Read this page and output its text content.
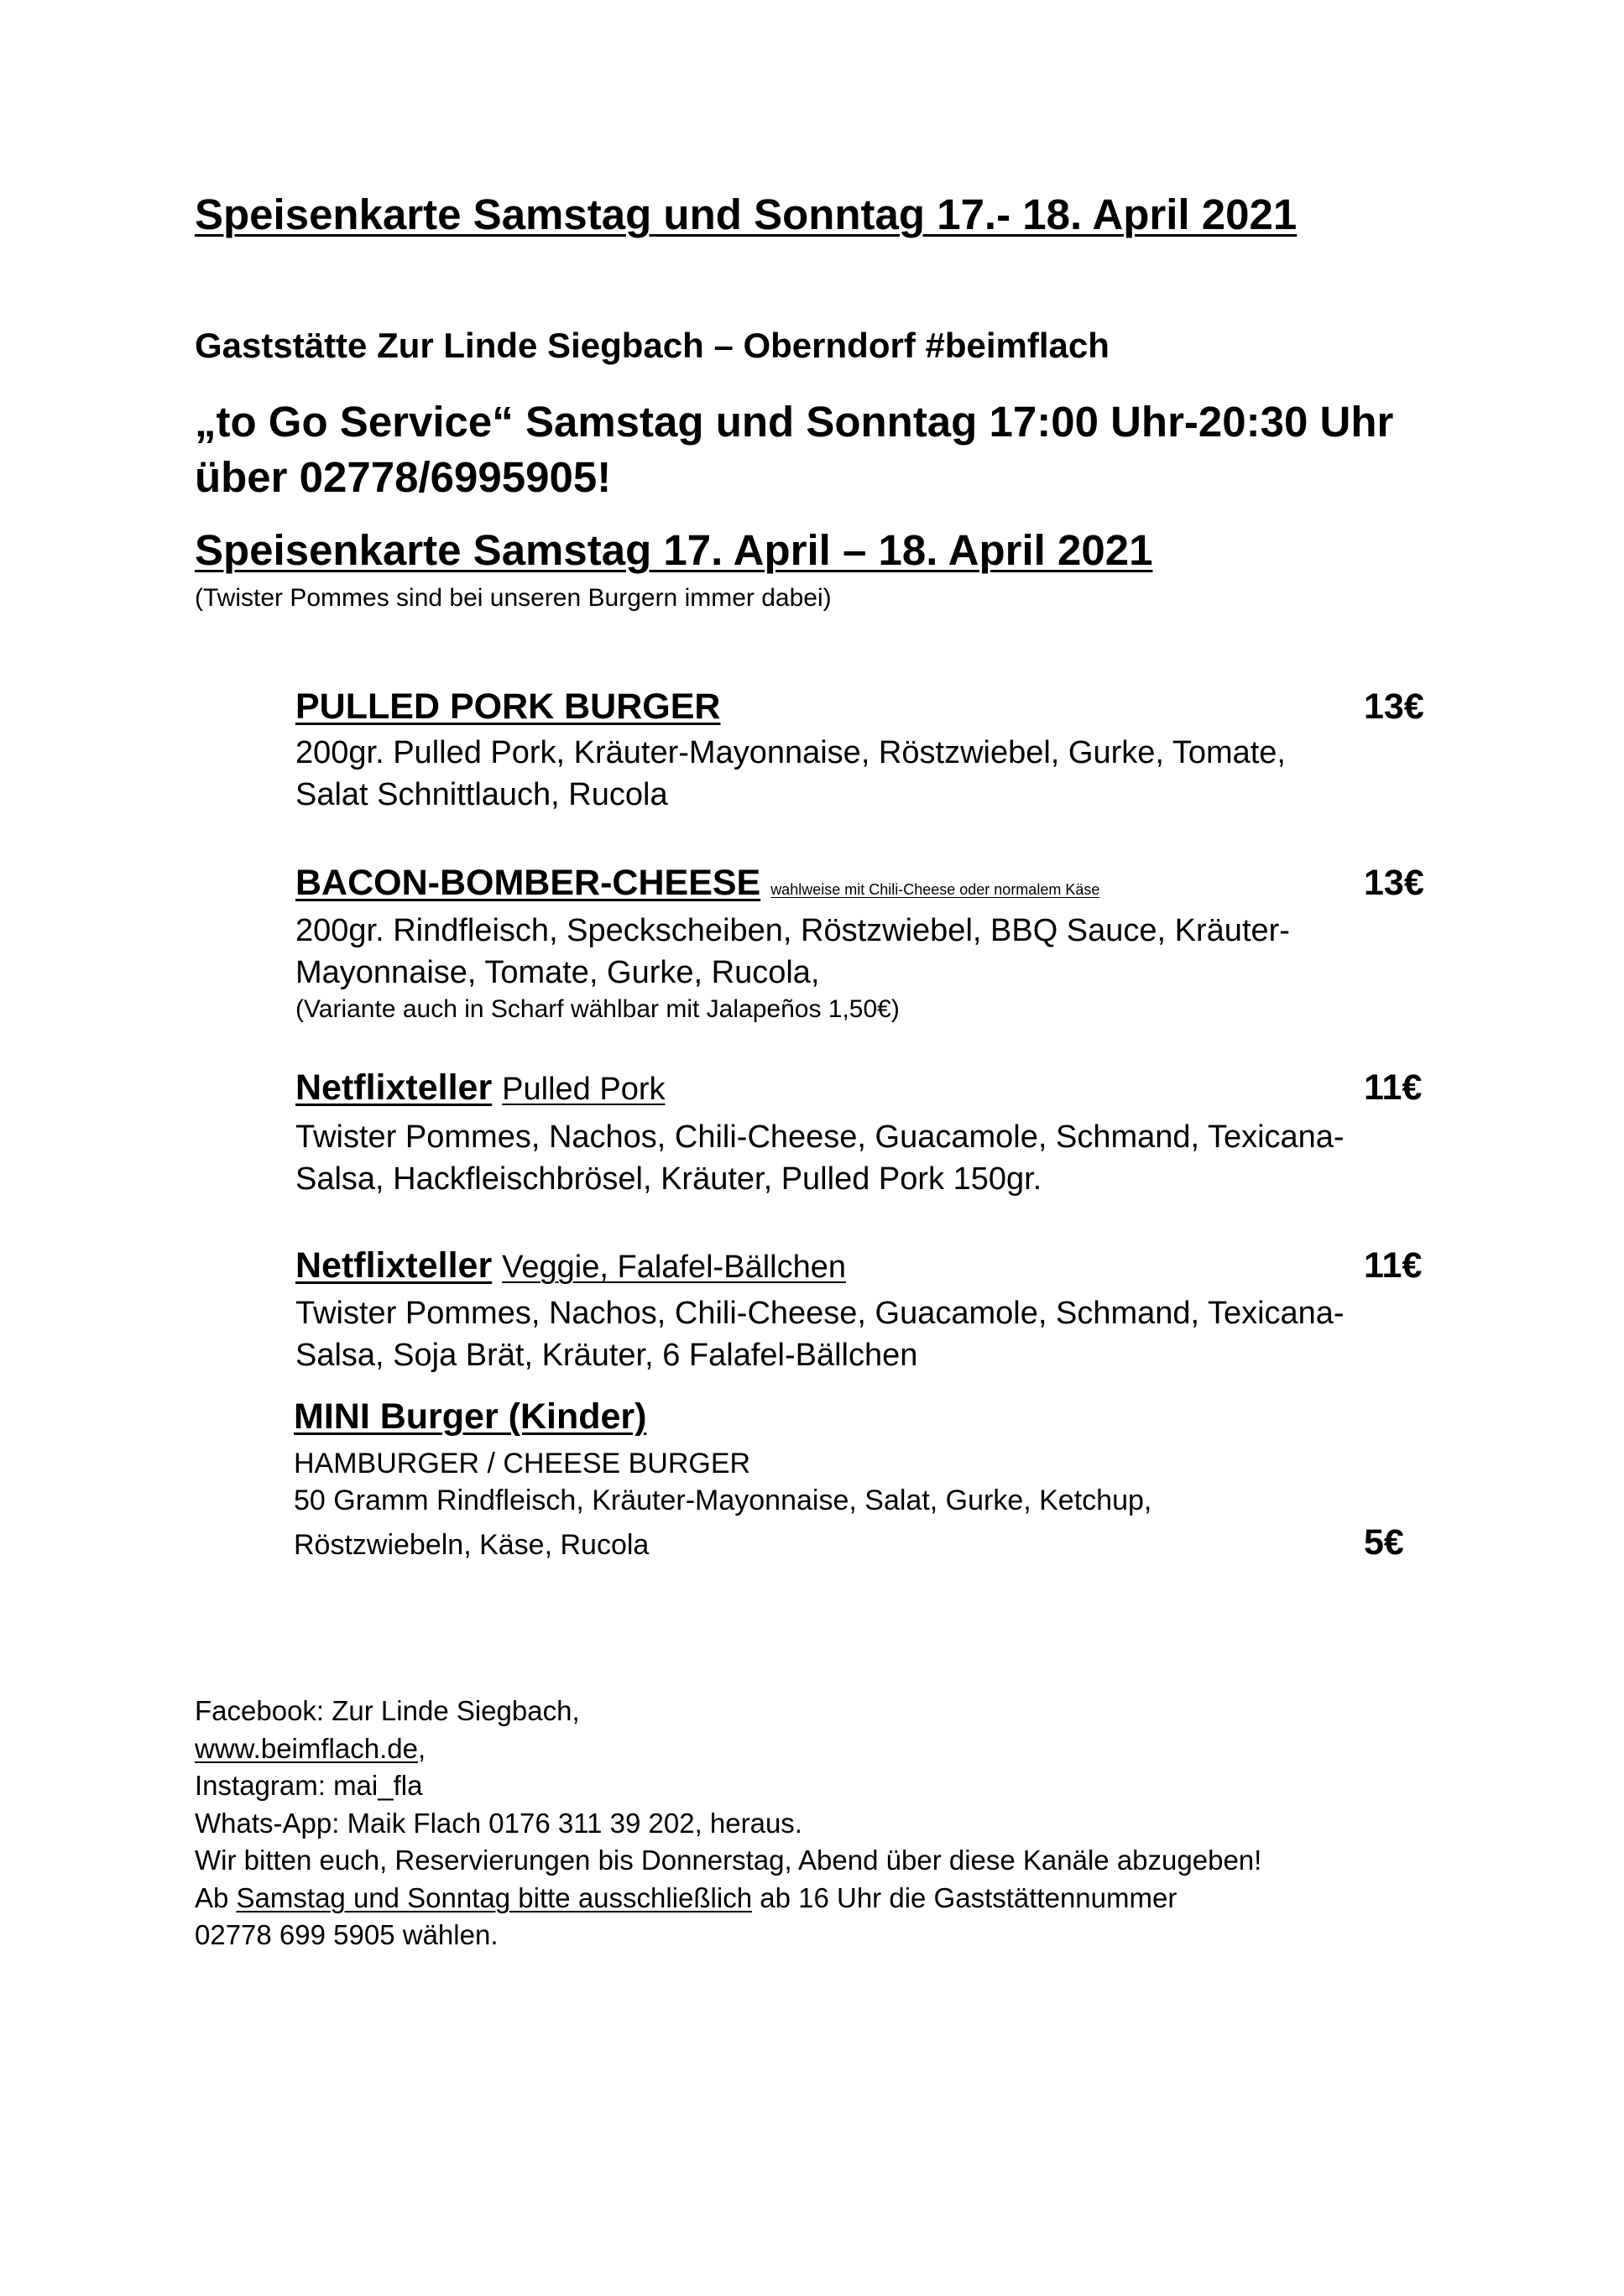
Speisenkarte Samstag und Sonntag 17.- 18. April 2021
Gaststätte Zur Linde Siegbach – Oberndorf #beimflach
„to Go Service“ Samstag und Sonntag 17:00 Uhr-20:30 Uhr
über 02778/6995905!
Speisenkarte Samstag 17. April – 18. April 2021
(Twister Pommes sind bei unseren Burgern immer dabei)
PULLED PORK BURGER	13€
200gr. Pulled Pork, Kräuter-Mayonnaise, Röstzwiebel, Gurke, Tomate,
Salat Schnittlauch, Rucola
BACON-BOMBER-CHEESE wahlweise mit Chili-Cheese oder normalem Käse	13€
200gr. Rindfleisch, Speckscheiben, Röstzwiebel, BBQ Sauce, Kräuter-
Mayonnaise, Tomate, Gurke, Rucola,
(Variante auch in Scharf wählbar mit Jalapeños 1,50€)
Netflixteller Pulled Pork	11€
Twister Pommes, Nachos, Chili-Cheese, Guacamole, Schmand, Texicana-
Salsa, Hackfleischbrösel, Kräuter, Pulled Pork 150gr.
Netflixteller Veggie, Falafel-Bällchen	11€
Twister Pommes, Nachos, Chili-Cheese, Guacamole, Schmand, Texicana-
Salsa, Soja Brät, Kräuter, 6 Falafel-Bällchen
MINI Burger (Kinder)
HAMBURGER / CHEESE BURGER
50 Gramm Rindfleisch, Kräuter-Mayonnaise, Salat, Gurke, Ketchup,
Röstzwiebeln, Käse, Rucola	5€
Facebook: Zur Linde Siegbach,
www.beimflach.de,
Instagram: mai_fla
Whats-App: Maik Flach 0176 311 39 202, heraus.
Wir bitten euch, Reservierungen bis Donnerstag, Abend über diese Kanäle abzugeben!
Ab Samstag und Sonntag bitte ausschließlich ab 16 Uhr die Gaststättennummer
02778 699 5905 wählen.
